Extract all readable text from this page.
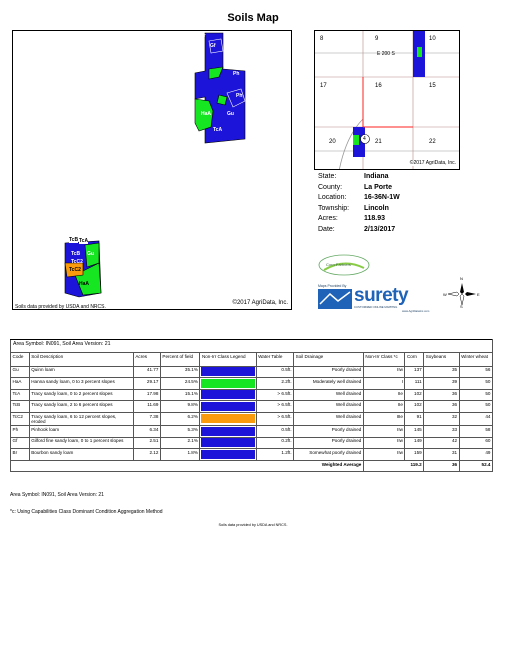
Soils Map
Br
Ph
Gf
Ph
Gu
HaA
TcA
TcB TcA
TcB
TcC2
HaA
Gu
TcC2
Soils data provided by USDA and NRCS.
©2017 AgriData, Inc.
8	9	10
17	16	15
20	21	22
E 200 S
4
©2017 AgriData, Inc.
State:	Indiana
County:	La Porte
Location:	16-36N-1W
Township:	Lincoln
Acres:	118.93
Date:	2/13/2017
Corn Partners
Maps Provided By surety
CUSTOMIZED ONLINE MAPPING
www.AgriDataInc.com
N
S
E
W
Area Symbol: IN091, Soil Area Version: 21										
Code	Soil Description	Acres	Percent of field	Non-Irr Class Legend	Water Table	Soil Drainage	Non-Irr Class *c	Corn	Soybeans	Winter wheat
Gu	Quinn loam	41.77	35.1%		0.5ft.	Poorly drained	IIw	137	35	56
HaA	Hanna sandy loam, 0 to 3 percent slopes	29.17	24.5%		2.2ft.	Moderately well drained	I	111	39	50
TcA	Tracy sandy loam, 0 to 2 percent slopes	17.98	15.1%		> 6.5ft.	Well drained	IIe	102	36	50
TcB	Tracy sandy loam, 2 to 6 percent slopes	11.69	9.8%		> 6.5ft.	Well drained	IIe	102	36	50
TcC2	Tracy sandy loam, 6 to 12 percent slopes, eroded	7.38	6.2%		> 6.5ft.	Well drained	IIIe	91	32	44
Ph	Pinhook loam	6.34	5.3%		0.5ft.	Poorly drained	IIw	145	33	58
Gf	Gilford fine sandy loam, 0 to 1 percent slopes	2.51	2.1%		0.2ft.	Poorly drained	IIw	149	42	60
Br	Bourbon sandy loam	2.12	1.8%		1.2ft.	Somewhat poorly drained	IIw	159	31	49
Weighted Average							119.2		36	52.4
Area Symbol: IN091, Soil Area Version: 21
*c: Using Capabilities Class Dominant Condition Aggregation Method
Soils data provided by USDA and NRCS.
